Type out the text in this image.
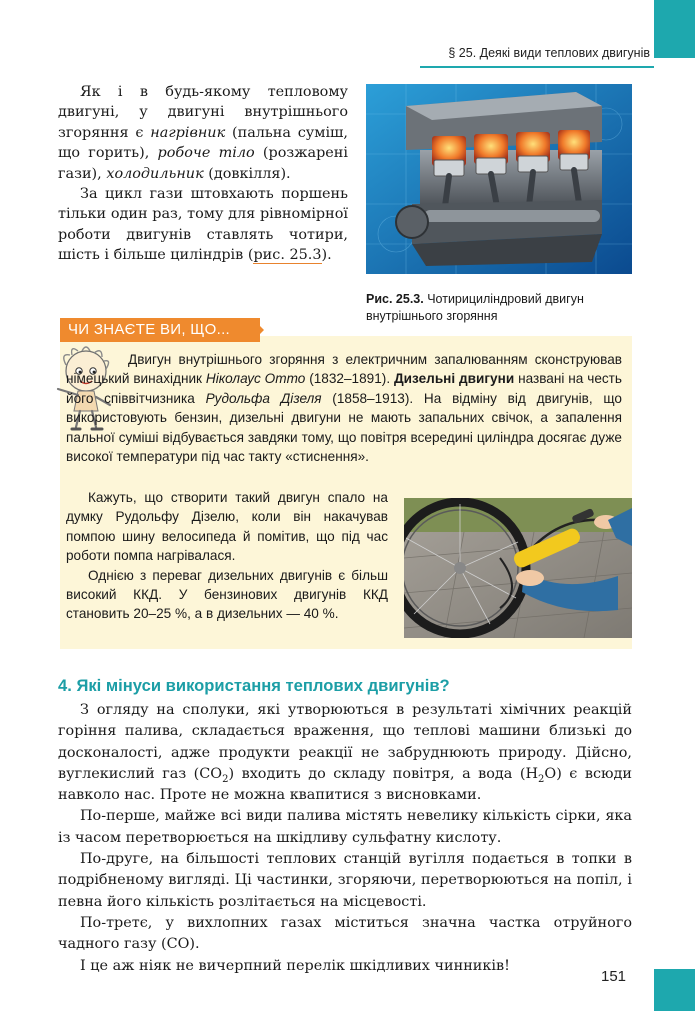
§ 25. Деякі види теплових двигунів

Як і в будь-якому тепловому двигуні, у двигуні внутрішнього згоряння є нагрівник (пальна суміш, що горить), робоче тіло (розжарені гази), холодильник (довкілля).

За цикл гази штовхають поршень тільки один раз, тому для рівномірної роботи двигунів ставлять чотири, шість і більше циліндрів (рис. 25.3).

Рис. 25.3. Чотирициліндровий двигун внутрішнього згоряння
ЧИ ЗНАЄТЕ ВИ, ЩО...

Двигун внутрішнього згоряння з електричним запалюванням сконструював німецький винахідник Ніколаус Отто (1832–1891). Дизельні двигуни названі на честь його співвітчизника Рудольфа Дізеля (1858–1913). На відміну від двигунів, що використовують бензин, дизельні двигуни не мають запальних свічок, а запалення пальної суміші відбувається завдяки тому, що повітря всередині циліндра досягає дуже високої температури під час такту «стиснення».

Кажуть, що створити такий двигун спало на думку Рудольфу Дізелю, коли він накачував помпою шину велосипеда й помітив, що під час роботи помпа нагрівалася.

Однією з переваг дизельних двигунів є більш високий ККД. У бензинових двигунів ККД становить 20–25 %, а в дизельних — 40 %.

4. Які мінуси використання теплових двигунів?

З огляду на сполуки, які утворюються в результаті хімічних реакцій горіння палива, складається враження, що теплові машини близькі до досконалості, адже продукти реакції не забруднюють природу. Дійсно, вуглекислий газ $(CO_2)$ входить до складу повітря, а вода $(H_2O)$ є всюди навколо нас. Проте не можна квапитися з висновками.

По-перше, майже всі види палива містять невелику кількість сірки, яка із часом перетворюється на шкідливу сульфатну кислоту.

По-друге, на більшості теплових станцій вугілля подається в топки в подрібненому вигляді. Ці частинки, згоряючи, перетворюються на попіл, і певна його кількість розлітається на місцевості.

По-третє, у вихлопних газах міститься значна частка отруйного чадного газу (CO).

І це аж ніяк не вичерпний перелік шкідливих чинників!

151
